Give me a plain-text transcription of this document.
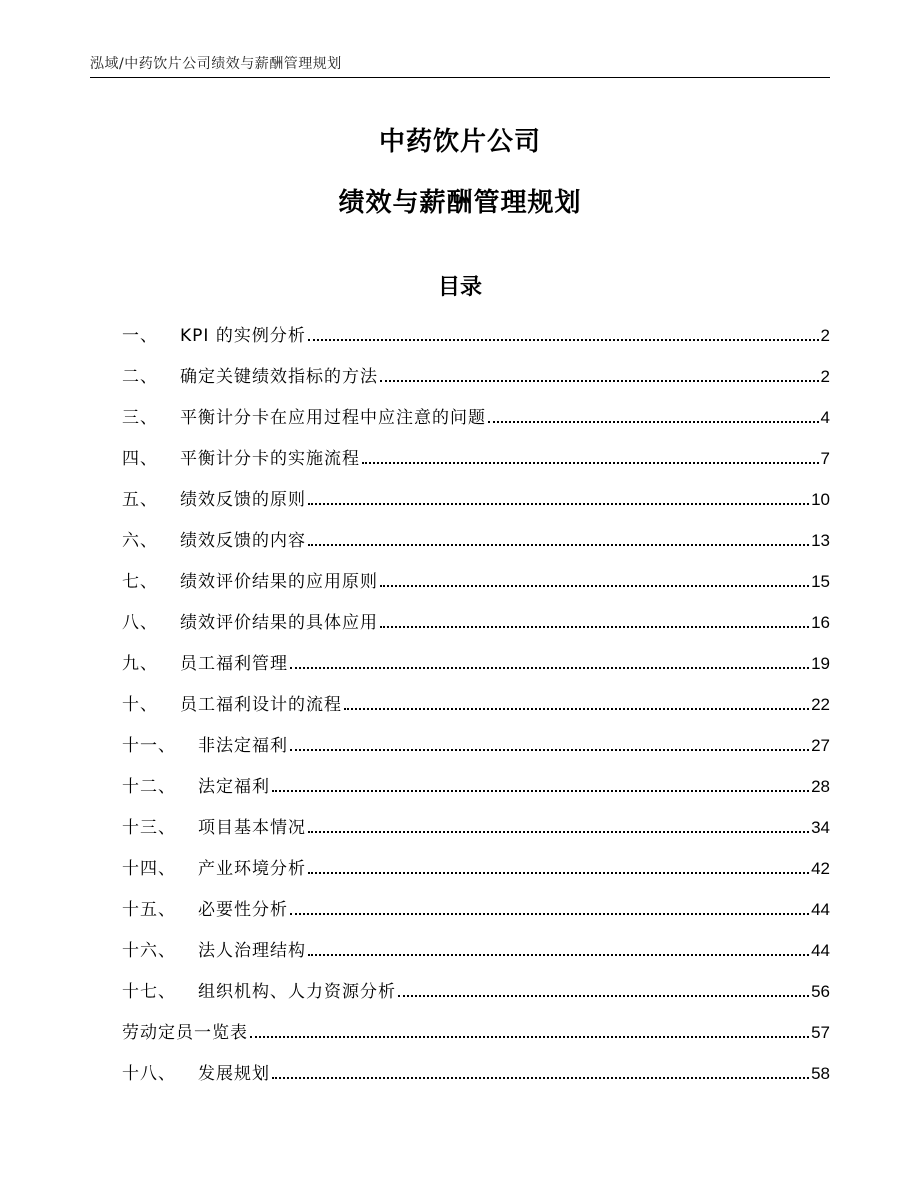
泓域/中药饮片公司绩效与薪酬管理规划
中药饮片公司
绩效与薪酬管理规划
目录
一、 KPI 的实例分析	2
二、 确定关键绩效指标的方法	2
三、 平衡计分卡在应用过程中应注意的问题	4
四、 平衡计分卡的实施流程	7
五、 绩效反馈的原则	10
六、 绩效反馈的内容	13
七、 绩效评价结果的应用原则	15
八、 绩效评价结果的具体应用	16
九、 员工福利管理	19
十、 员工福利设计的流程	22
十一、 非法定福利	27
十二、 法定福利	28
十三、 项目基本情况	34
十四、 产业环境分析	42
十五、 必要性分析	44
十六、 法人治理结构	44
十七、 组织机构、人力资源分析	56
劳动定员一览表	57
十八、 发展规划	58
